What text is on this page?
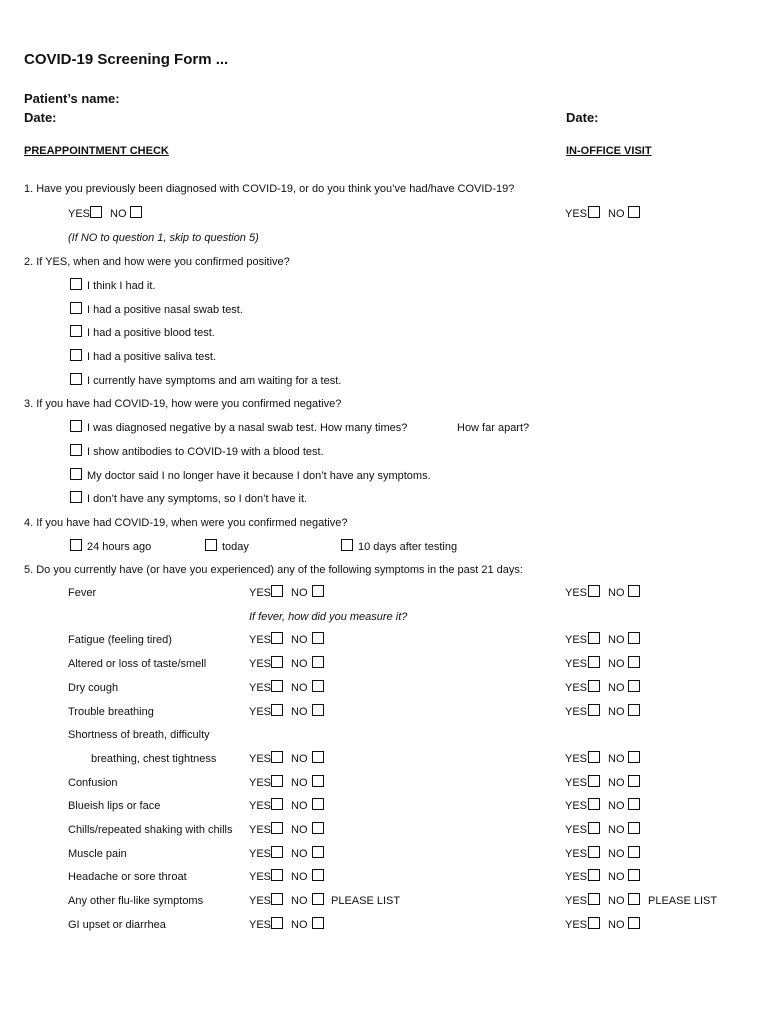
COVID-19 Screening Form ...
Patient’s name:
Date:	Date:
PREAPPOINTMENT CHECK	IN-OFFICE VISIT
1. Have you previously been diagnosed with COVID-19, or do you think you’ve had/have COVID-19?
YES NO	YES NO
(If NO to question 1, skip to question 5)
2. If YES, when and how were you confirmed positive?
I think I had it.
I had a positive nasal swab test.
I had a positive blood test.
I had a positive saliva test.
I currently have symptoms and am waiting for a test.
3. If you have had COVID-19, how were you confirmed negative?
I was diagnosed negative by a nasal swab test. How many times?	How far apart?
I show antibodies to COVID-19 with a blood test.
My doctor said I no longer have it because I don’t have any symptoms.
I don’t have any symptoms, so I don’t have it.
4. If you have had COVID-19, when were you confirmed negative?
24 hours ago	today	10 days after testing
5. Do you currently have (or have you experienced) any of the following symptoms in the past 21 days:
Fever	YES NO	YES NO
If fever, how did you measure it?
Fatigue (feeling tired)	YES NO	YES NO
Altered or loss of taste/smell	YES NO	YES NO
Dry cough	YES NO	YES NO
Trouble breathing	YES NO	YES NO
Shortness of breath, difficulty
breathing, chest tightness	YES NO	YES NO
Confusion	YES NO	YES NO
Blueish lips or face	YES NO	YES NO
Chills/repeated shaking with chills YES NO	YES NO
Muscle pain	YES NO	YES NO
Headache or sore throat	YES NO	YES NO
Any other flu-like symptoms	YES NO PLEASE LIST	YES NO PLEASE LIST
GI upset or diarrhea	YES NO	YES NO
